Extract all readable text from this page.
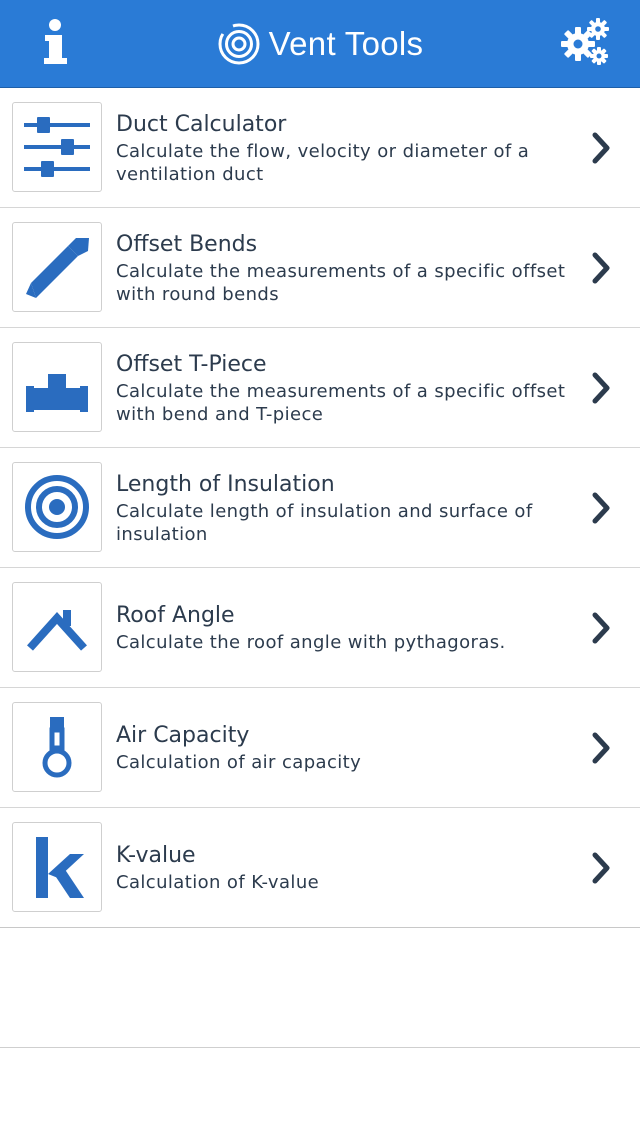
Vent Tools
Duct Calculator
Calculate the flow, velocity or diameter of a ventilation duct
Offset Bends
Calculate the measurements of a specific offset with round bends
Offset T-Piece
Calculate the measurements of a specific offset with bend and T-piece
Length of Insulation
Calculate length of insulation and surface of insulation
Roof Angle
Calculate the roof angle with pythagoras.
Air Capacity
Calculation of air capacity
K-value
Calculation of K-value
